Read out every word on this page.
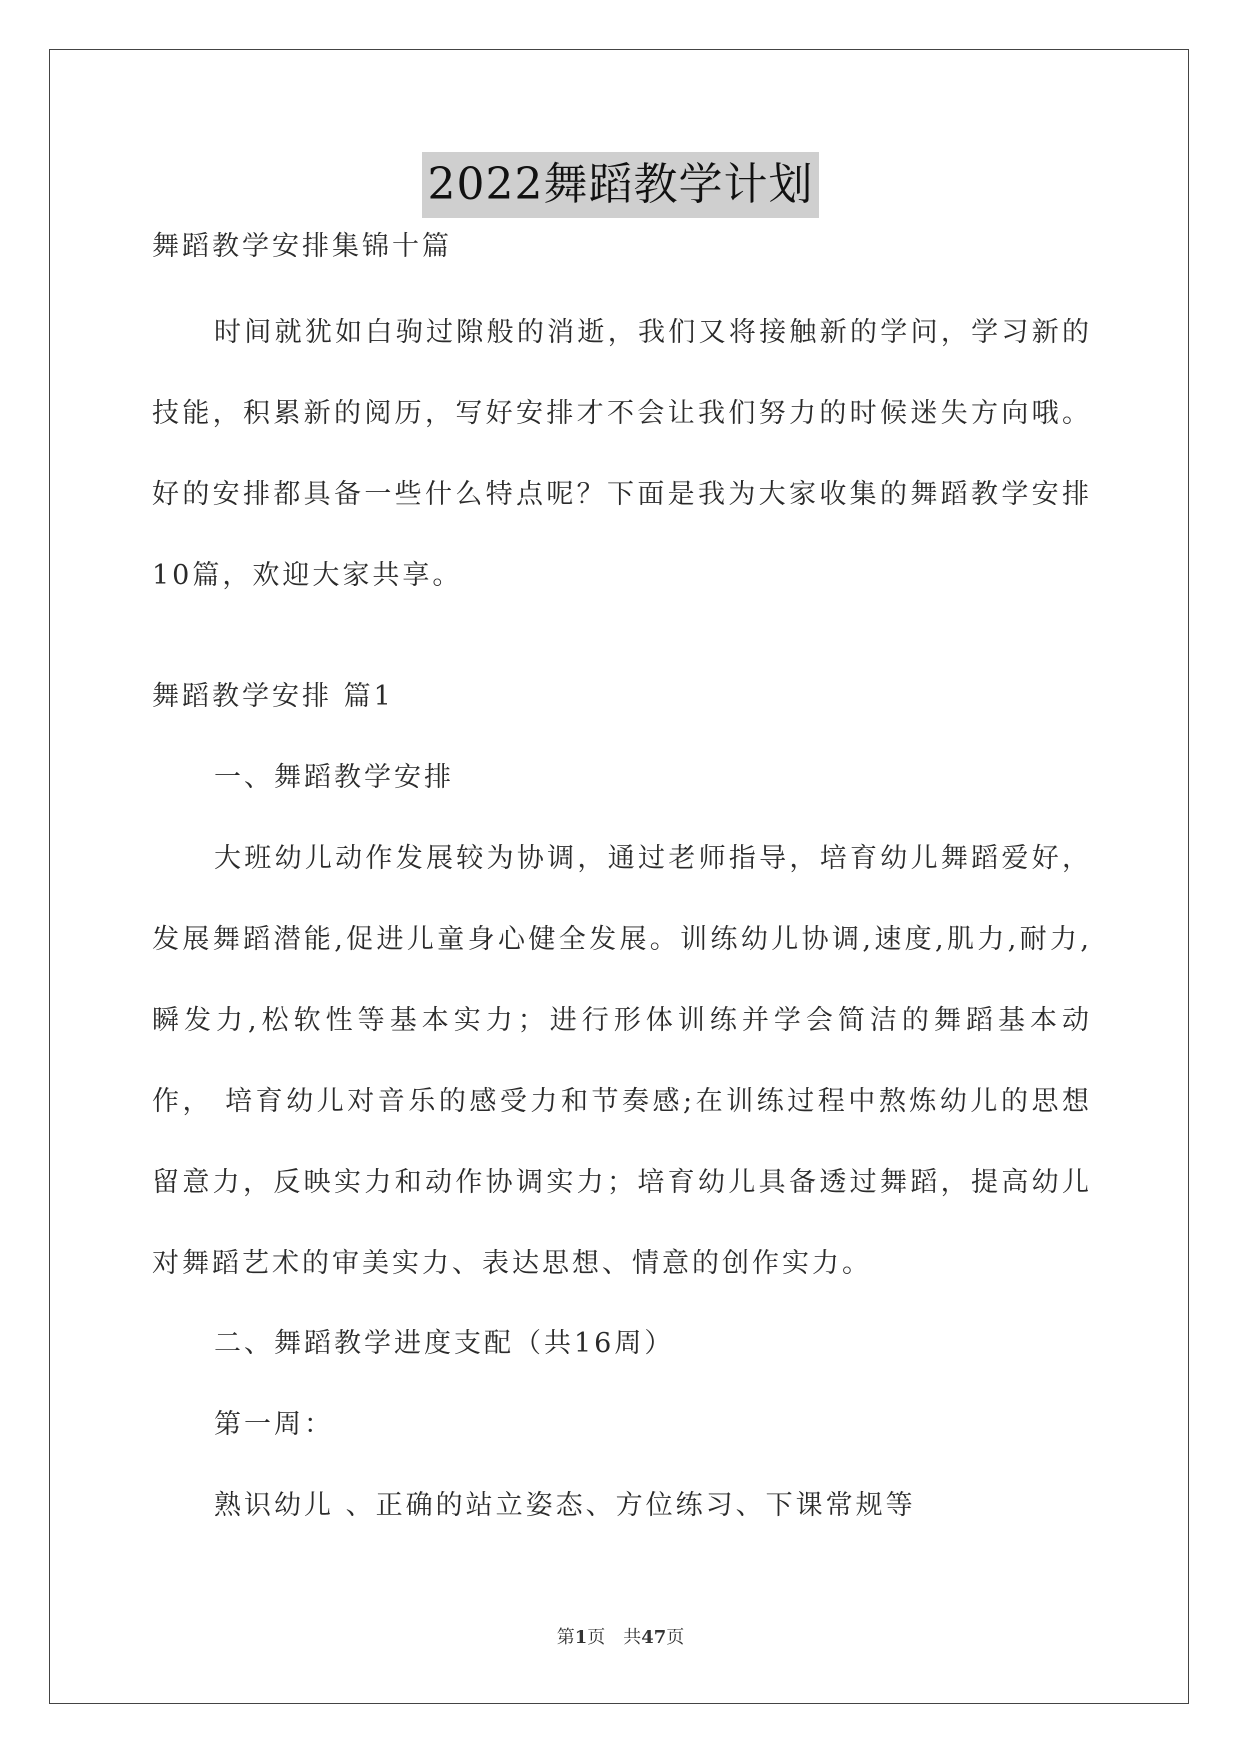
2022舞蹈教学计划

舞蹈教学安排集锦十篇

时间就犹如白驹过隙般的消逝，我们又将接触新的学问，学习新的技能，积累新的阅历，写好安排才不会让我们努力的时候迷失方向哦。好的安排都具备一些什么特点呢？下面是我为大家收集的舞蹈教学安排10篇，欢迎大家共享。

舞蹈教学安排 篇1

一、舞蹈教学安排

大班幼儿动作发展较为协调，通过老师指导，培育幼儿舞蹈爱好，发展舞蹈潜能,促进儿童身心健全发展。训练幼儿协调,速度,肌力,耐力,瞬发力,松软性等基本实力；进行形体训练并学会简洁的舞蹈基本动作， 培育幼儿对音乐的感受力和节奏感;在训练过程中熬炼幼儿的思想留意力，反映实力和动作协调实力；培育幼儿具备透过舞蹈，提高幼儿对舞蹈艺术的审美实力、表达思想、情意的创作实力。

二、舞蹈教学进度支配（共16周）

第一周：

熟识幼儿 、正确的站立姿态、方位练习、下课常规等

第1页　共47页
